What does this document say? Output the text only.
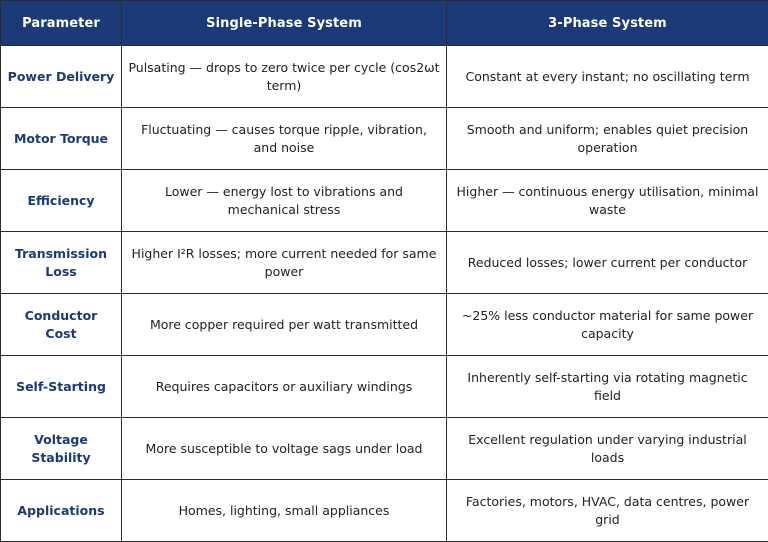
Parameter	Single-Phase System	3-Phase System
Power Delivery	Pulsating — drops to zero twice per cycle (cos2ωt term)	Constant at every instant; no oscillating term
Motor Torque	Fluctuating — causes torque ripple, vibration, and noise	Smooth and uniform; enables quiet precision operation
Efficiency	Lower — energy lost to vibrations and mechanical stress	Higher — continuous energy utilisation, minimal waste
Transmission Loss	Higher I²R losses; more current needed for same power	Reduced losses; lower current per conductor
Conductor Cost	More copper required per watt transmitted	~25% less conductor material for same power capacity
Self-Starting	Requires capacitors or auxiliary windings	Inherently self-starting via rotating magnetic field
Voltage Stability	More susceptible to voltage sags under load	Excellent regulation under varying industrial loads
Applications	Homes, lighting, small appliances	Factories, motors, HVAC, data centres, power grid
